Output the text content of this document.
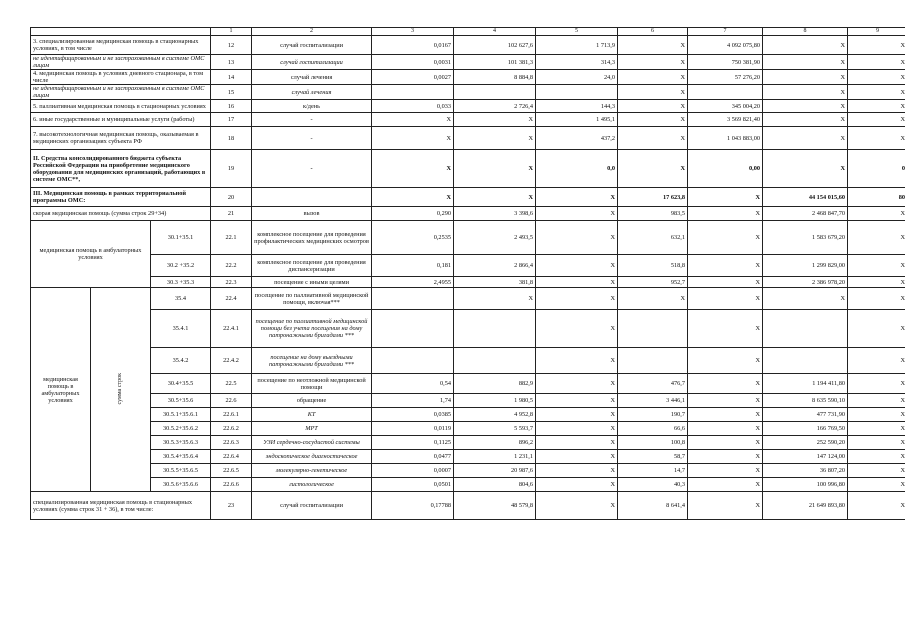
			1	2	3	4	5	6	7	8	9
3. специализированная медицинская помощь в стационарных условиях, в том числе			12	случай госпитализации	0,0167	102 627,6	1 713,9	X	4 092 075,80	X	X
не идентифицированным и не застрахованным в системе ОМС лицам			13	случай госпитализации	0,0031	101 381,3	314,3	X	750 381,90	X	X
4. медицинская помощь в условиях дневного стационара, в том числе			14	случай лечения	0,0027	8 884,8	24,0	X	57 276,20	X	X
не идентифицированным и не застрахованным в системе ОМС лицам			15	случай лечения				X		X	X
5. паллиативная медицинская помощь в стационарных условиях			16	к/день	0,033	2 726,4	144,3	X	345 004,20	X	X
6. иные государственные и муниципальные услуги (работы)			17	-	X	X	1 495,1	X	3 569 821,40	X	X
7. высокотехнологичная медицинская помощь, оказываемая в медицинских организациях субъекта РФ			18	-	X	X	437,2	X	1 043 883,00	X	X
II. Средства консолидированного бюджета субъекта Российской Федерации на приобретение медицинского оборудования для медицинских организаций, работающих в системе ОМС**,			19	-	X	X	0,0	X	0,00	X	0
III. Медицинская помощь в рамках территориальной программы ОМС:			20		X	X	X	17 623,8	X	44 154 015,60	80
скорая медицинская помощь (сумма строк 29+34)			21	вызов	0,290	3 398,6	X	983,5	X	2 468 847,70	X
медицинская помощь в амбулаторных условиях		30.1+35.1	22.1	комплексное посещение для проведения профилактических медицинских осмотров	0,2535	2 493,5	X	632,1	X	1 583 679,20	X
		30.2 +35.2	22.2	комплексное посещение для проведения диспансеризации	0,181	2 866,4	X	518,8	X	1 299 829,00	X
		30.3 +35.3	22.3	посещение с иными целями	2,4955	381,8	X	952,7	X	2 386 978,20	X
медицинская помощь в амбулаторных условиях	сумма строк	35.4	22.4	посещение по паллиативной медицинской помощи, включая***		X	X	X	X	X	X
		35.4.1	22.4.1	посещение по паллиативной медицинской помощи без учета посещения на дому патронажными бригадами ***			X		X		X
		35.4.2	22.4.2	посещение на дому выездными патронажными бригадами ***			X		X		X
		30.4+35.5	22.5	посещение по неотложной медицинской помощи	0,54	882,9	X	476,7	X	1 194 411,80	X
		30.5+35.6	22.6	обращение	1,74	1 980,5	X	3 446,1	X	8 635 590,10	X
		30.5.1+35.6.1	22.6.1	КТ	0,0385	4 952,8	X	190,7	X	477 731,90	X
		30.5.2+35.6.2	22.6.2	МРТ	0,0119	5 593,7	X	66,6	X	166 769,50	X
		30.5.3+35.6.3	22.6.3	УЗИ сердечно-сосудистой системы	0,1125	896,2	X	100,8	X	252 590,20	X
		30.5.4+35.6.4	22.6.4	эндоскопическое диагностическое	0,0477	1 231,1	X	58,7	X	147 124,00	X
		30.5.5+35.6.5	22.6.5	молекулярно-генетическое	0,0007	20 987,6	X	14,7	X	36 807,20	X
		30.5.6+35.6.6	22.6.6	гистологическое	0,0501	804,6	X	40,3	X	100 996,80	X
специализированная медицинская помощь в стационарных условиях (сумма строк 31 + 36), в том числе:			23	случай госпитализации	0,17788	48 579,8	X	8 641,4	X	21 649 893,80	X
